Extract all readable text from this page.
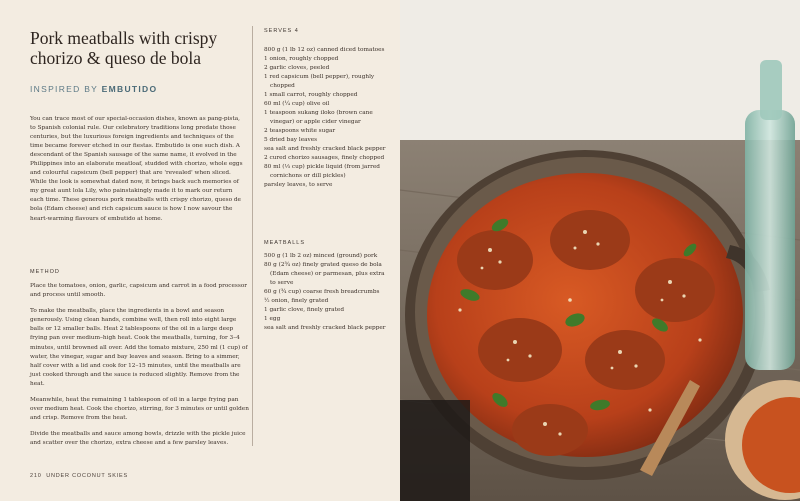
Pork meatballs with crispy
chorizo & queso de bola
INSPIRED BY EMBUTIDO

You can trace most of our special-occasion dishes, known as pang-pista, to Spanish colonial rule. Our celebratory traditions long predate those centuries, but the luxurious foreign ingredients and techniques of the time became forever etched in our fiestas. Embutido is one such dish. A descendant of the Spanish sausage of the same name, it evolved in the Philippines into an elaborate meatloaf, studded with chorizo, whole eggs and colourful capsicum (bell pepper) that are 'revealed' when sliced. While the look is somewhat dated now, it brings back such memories of my great aunt lola Lily, who painstakingly made it to mark our return each time. These generous pork meatballs with crispy chorizo, queso de bola (Edam cheese) and rich capsicum sauce is how I now savour the heart-warming flavours of embutido at home.

METHOD

Place the tomatoes, onion, garlic, capsicum and carrot in a food processor and process until smooth.

To make the meatballs, place the ingredients in a bowl and season generously. Using clean hands, combine well, then roll into eight large balls or 12 smaller balls. Heat 2 tablespoons of the oil in a large deep frying pan over medium–high heat. Cook the meatballs, turning, for 3–4 minutes, until browned all over. Add the tomato mixture, 250 ml (1 cup) of water, the vinegar, sugar and bay leaves and season. Bring to a simmer, half cover with a lid and cook for 12–15 minutes, until the meatballs are just cooked through and the sauce is reduced slightly. Remove from the heat.

Meanwhile, heat the remaining 1 tablespoon of oil in a large frying pan over medium heat. Cook the chorizo, stirring, for 3 minutes or until golden and crisp. Remove from the heat.

Divide the meatballs and sauce among bowls, drizzle with the pickle juice and scatter over the chorizo, extra cheese and a few parsley leaves.

210 UNDER COCONUT SKIES
SERVES 4
800 g (1 lb 12 oz) canned diced tomatoes
1 onion, roughly chopped
2 garlic cloves, peeled
1 red capsicum (bell pepper), roughly chopped
1 small carrot, roughly chopped
60 ml (¼ cup) olive oil
1 teaspoon sukang iloko (brown cane vinegar) or apple cider vinegar
2 teaspoons white sugar
5 dried bay leaves
sea salt and freshly cracked black pepper
2 cured chorizo sausages, finely chopped
80 ml (⅓ cup) pickle liquid (from jarred cornichons or dill pickles)
parsley leaves, to serve
MEATBALLS
500 g (1 lb 2 oz) minced (ground) pork
80 g (2¾ oz) finely grated queso de bola (Edam cheese) or parmesan, plus extra to serve
60 g (¾ cup) coarse fresh breadcrumbs
½ onion, finely grated
1 garlic clove, finely grated
1 egg
sea salt and freshly cracked black pepper
